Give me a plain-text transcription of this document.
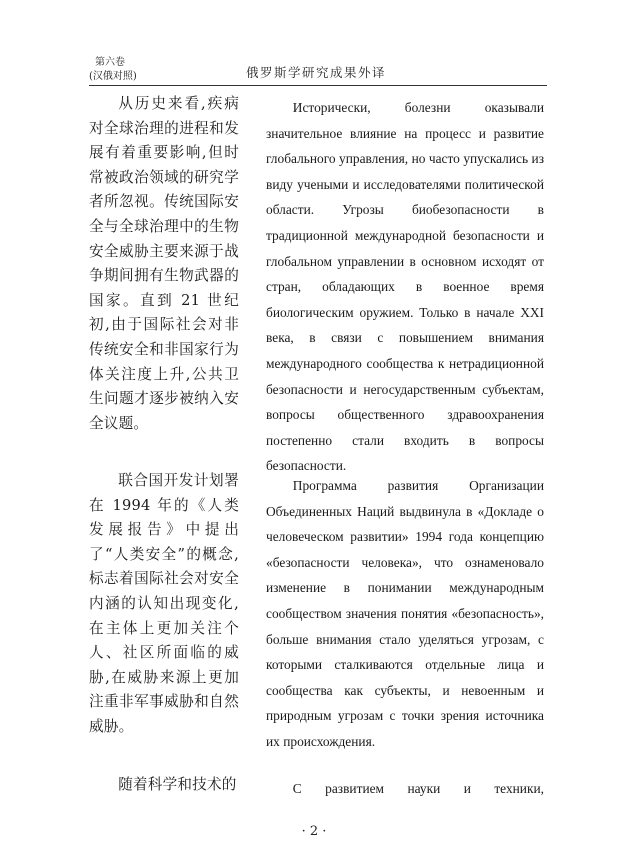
第六卷
(汉俄对照)	俄罗斯学研究成果外译
从历史来看,疾病对全球治理的进程和发展有着重要影响,但时常被政治领域的研究学者所忽视。传统国际安全与全球治理中的生物安全威胁主要来源于战争期间拥有生物武器的国家。直到 21 世纪初,由于国际社会对非传统安全和非国家行为体关注度上升,公共卫生问题才逐步被纳入安全议题。
Исторически, болезни оказывали значительное влияние на процесс и развитие глобального управления, но часто упускались из виду учеными и исследователями политической области. Угрозы биобезопасности в традиционной международной безопасности и глобальном управлении в основном исходят от стран, обладающих в военное время биологическим оружием. Только в начале XXI века, в связи с повышением внимания международного сообщества к нетрадиционной безопасности и негосударственным субъектам, вопросы общественного здравоохранения постепенно стали входить в вопросы безопасности.
联合国开发计划署在 1994 年的《人类发展报告》中提出了“人类安全”的概念,标志着国际社会对安全内涵的认知出现变化,在主体上更加关注个人、社区所面临的威胁,在威胁来源上更加注重非军事威胁和自然威胁。
Программа развития Организации Объединенных Наций выдвинула в «Докладе о человеческом развитии» 1994 года концепцию «безопасности человека», что ознаменовало изменение в понимании международным сообществом значения понятия «безопасность», больше внимания стало уделяться угрозам, с которыми сталкиваются отдельные лица и сообщества как субъекты, и невоенным и природным угрозам с точки зрения источника их происхождения.
随着科学和技术的	С развитием науки и техники,
· 2 ·
